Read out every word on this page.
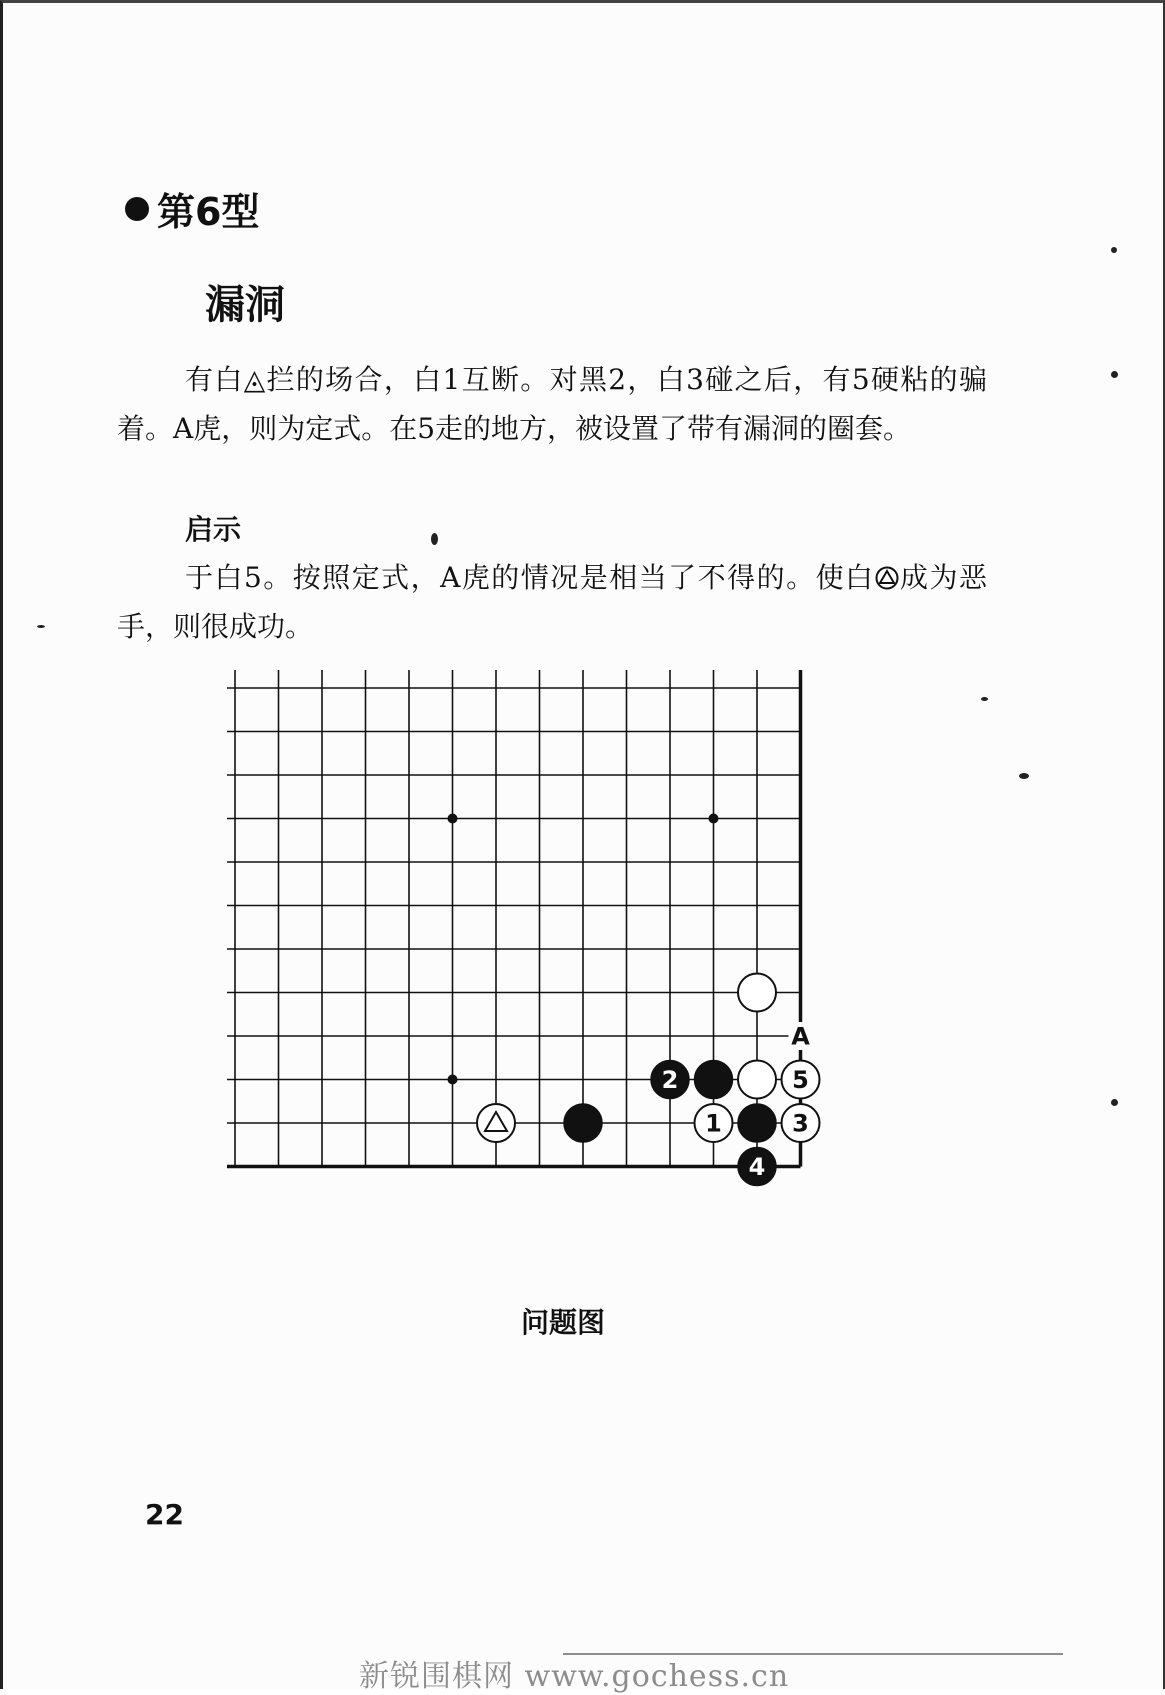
第6型
漏洞
有白◬拦的场合，白1互断。对黑2，白3碰之后，有5硬粘的骗着。A虎，则为定式。在5走的地方，被设置了带有漏洞的圈套。
启示
于白5。按照定式，A虎的情况是相当了不得的。使白 成为恶手，则很成功。
2
4
1	3
5
A
问题图
22
新锐围棋网 www.gochess.cn
